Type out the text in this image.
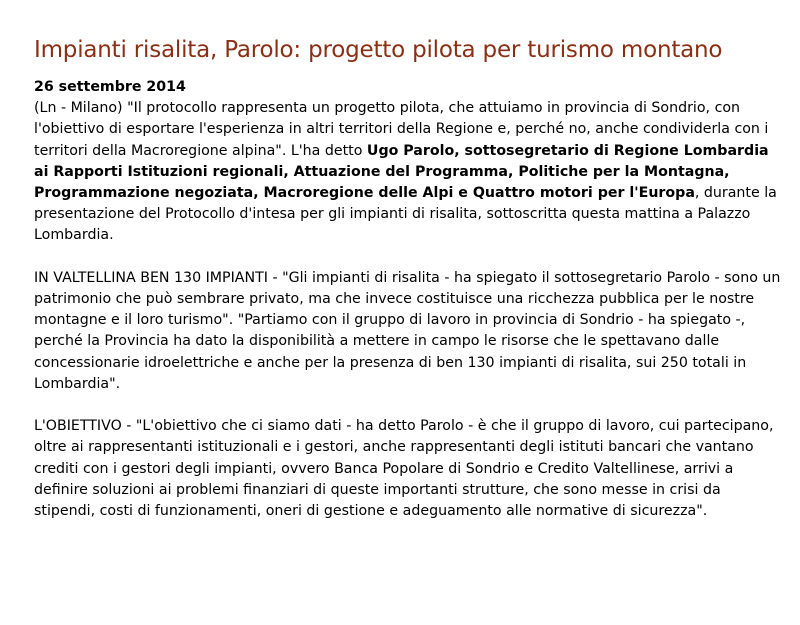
Impianti risalita, Parolo: progetto pilota per turismo montano
26 settembre 2014

(Ln - Milano) "Il protocollo rappresenta un progetto pilota, che attuiamo in provincia di Sondrio, con l'obiettivo di esportare l'esperienza in altri territori della Regione e, perché no, anche condividerla con i territori della Macroregione alpina". L'ha detto Ugo Parolo, sottosegretario di Regione Lombardia ai Rapporti Istituzioni regionali, Attuazione del Programma, Politiche per la Montagna, Programmazione negoziata, Macroregione delle Alpi e Quattro motori per l'Europa, durante la presentazione del Protocollo d'intesa per gli impianti di risalita, sottoscritta questa mattina a Palazzo Lombardia.

IN VALTELLINA BEN 130 IMPIANTI - "Gli impianti di risalita - ha spiegato il sottosegretario Parolo - sono un patrimonio che può sembrare privato, ma che invece costituisce una ricchezza pubblica per le nostre montagne e il loro turismo". "Partiamo con il gruppo di lavoro in provincia di Sondrio - ha spiegato -, perché la Provincia ha dato la disponibilità a mettere in campo le risorse che le spettavano dalle concessionarie idroelettriche e anche per la presenza di ben 130 impianti di risalita, sui 250 totali in Lombardia".

L'OBIETTIVO - "L'obiettivo che ci siamo dati - ha detto Parolo - è che il gruppo di lavoro, cui partecipano, oltre ai rappresentanti istituzionali e i gestori, anche rappresentanti degli istituti bancari che vantano crediti con i gestori degli impianti, ovvero Banca Popolare di Sondrio e Credito Valtellinese, arrivi a definire soluzioni ai problemi finanziari di queste importanti strutture, che sono messe in crisi da stipendi, costi di funzionamenti, oneri di gestione e adeguamento alle normative di sicurezza".
